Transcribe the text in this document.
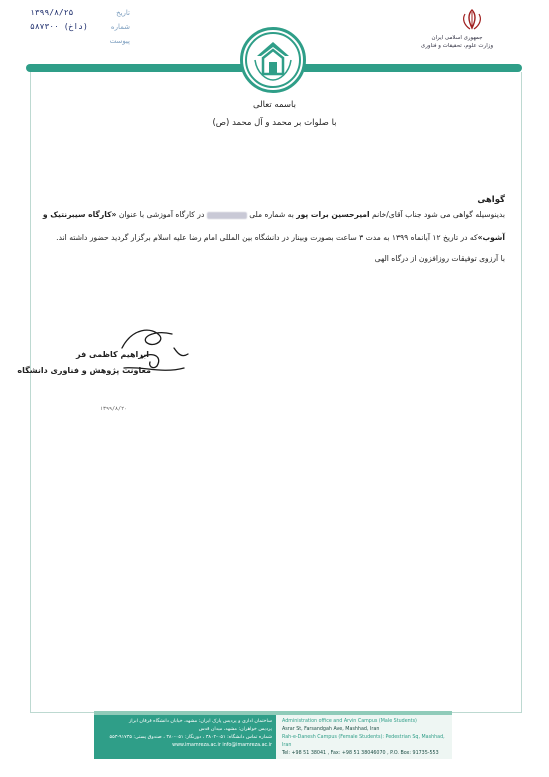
تاریخ
۱۳۹۹/۸/۲۵
شماره
(داخ) ۵۸۷۳۰۰
پیوست	جمهوری اسلامی ایران
وزارت علوم، تحقیقات و فناوری
باسمه تعالی
با صلوات بر محمد و آل محمد (ص)
گواهی
بدینوسیله گواهی می شود جناب آقای/خانم امیرحسین برات پور به شماره ملی  در کارگاه آموزشی با عنوان «کارگاه سیبرنتیک و
آشوب»که در تاریخ ۱۲ آبانماه ۱۳۹۹ به مدت ۳ ساعت بصورت وبینار در دانشگاه بین المللی امام رضا علیه اسلام برگزار گردید حضور داشته اند.
با آرزوی توفیقات روزافزون از درگاه الهی
ابراهیم کاظمی فر
معاونت پژوهش و فناوری دانشگاه
۱۳۹۹/۸/۲۰
ساختمان اداری و پردیس پارک ایران: مشهد، خیابان دانشگاه فرقان ابراز
پردیس خواهران: مشهد، میدان قدس
شماره تماس دانشگاه: ۰۵۱-۳۸۰۲ ، دورنگار: ۰۵۱-۳۸۰ ، صندوق پستی: ۹۱۷۳۵-۵۵۳
www.imamreza.ac.ir info@imamreza.ac.ir
Administration office and Arvin Campus (Male Students)
Asrar St, Farsandgah Ave, Mashhad, Iran
Rah-e-Danesh Campus (Female Students): Pedestrian Sq, Mashhad, Iran
Tel: +98 51 38041 , Fax: +98 51 38046070 , P.O. Box: 91735-553
